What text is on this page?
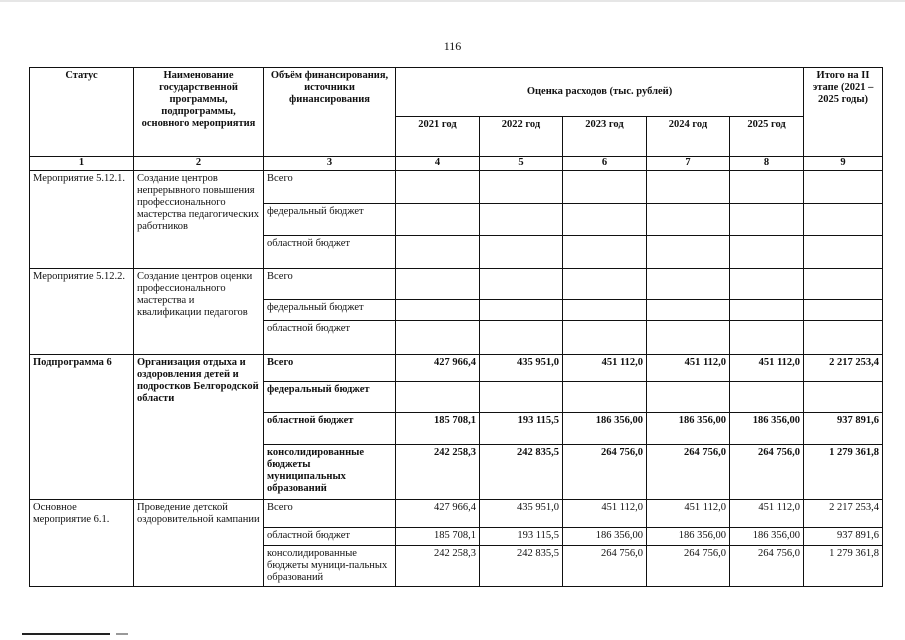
116
Статус	Наименование государственной программы, подпрограммы, основного мероприятия	Объём финансирования, источники финансирования	Оценка расходов (тыс. рублей)					Итого на II этапе (2021 – 2025 годы)
			2021 год	2022 год	2023 год	2024 год	2025 год	
1	2	3	4	5	6	7	8	9
Мероприятие 5.12.1.	Создание центров непрерывного повышения профессионального мастерства педагогических работников	Всего						
		федеральный бюджет						
		областной бюджет						
Мероприятие 5.12.2.	Создание центров оценки профессионального мастерства и квалификации педагогов	Всего						
		федеральный бюджет						
		областной бюджет						
Подпрограмма 6	Организация отдыха и оздоровления детей и подростков Белгородской области	Всего	427 966,4	435 951,0	451 112,0	451 112,0	451 112,0	2 217 253,4
		федеральный бюджет						
		областной бюджет	185 708,1	193 115,5	186 356,00	186 356,00	186 356,00	937 891,6
		консолидированные бюджеты муниципальных образований	242 258,3	242 835,5	264 756,0	264 756,0	264 756,0	1 279 361,8
Основное мероприятие 6.1.	Проведение детской оздоровительной кампании	Всего	427 966,4	435 951,0	451 112,0	451 112,0	451 112,0	2 217 253,4
		областной бюджет	185 708,1	193 115,5	186 356,00	186 356,00	186 356,00	937 891,6
		консолидированные бюджеты муници-пальных образований	242 258,3	242 835,5	264 756,0	264 756,0	264 756,0	1 279 361,8
